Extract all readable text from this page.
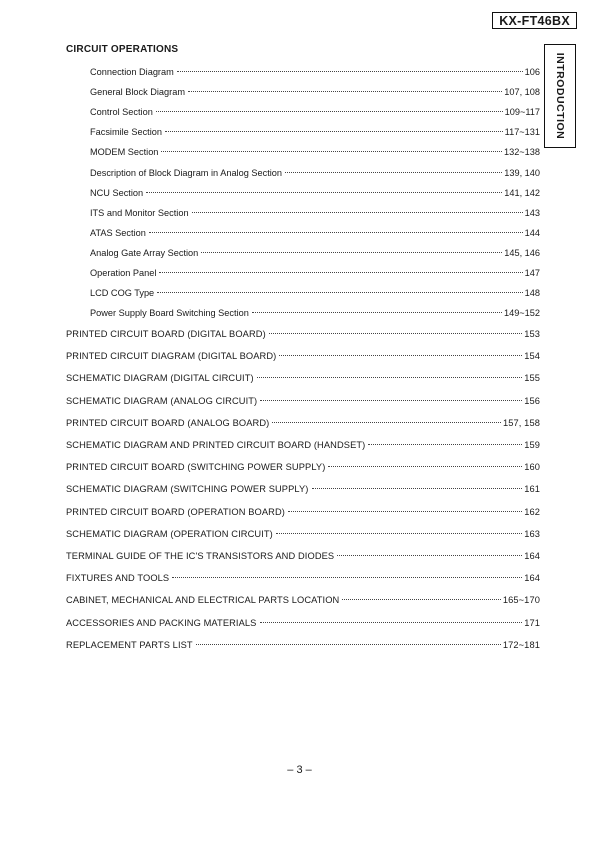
KX-FT46BX
INTRODUCTION
CIRCUIT OPERATIONS
Connection Diagram	106
General Block Diagram	107, 108
Control Section	109~117
Facsimile Section	117~131
MODEM Section	132~138
Description of Block Diagram in Analog Section	139, 140
NCU Section	141, 142
ITS and Monitor Section	143
ATAS Section	144
Analog Gate Array Section	145, 146
Operation Panel	147
LCD COG Type	148
Power Supply Board Switching Section	149~152
PRINTED CIRCUIT BOARD (DIGITAL BOARD)	153
PRINTED CIRCUIT DIAGRAM (DIGITAL BOARD)	154
SCHEMATIC DIAGRAM (DIGITAL CIRCUIT)	155
SCHEMATIC DIAGRAM (ANALOG CIRCUIT)	156
PRINTED CIRCUIT BOARD (ANALOG BOARD)	157, 158
SCHEMATIC DIAGRAM AND PRINTED CIRCUIT BOARD (HANDSET)	159
PRINTED CIRCUIT BOARD (SWITCHING POWER SUPPLY)	160
SCHEMATIC DIAGRAM (SWITCHING POWER SUPPLY)	161
PRINTED CIRCUIT BOARD (OPERATION BOARD)	162
SCHEMATIC DIAGRAM (OPERATION CIRCUIT)	163
TERMINAL GUIDE OF THE IC'S TRANSISTORS AND DIODES	164
FIXTURES AND TOOLS	164
CABINET, MECHANICAL AND ELECTRICAL PARTS LOCATION	165~170
ACCESSORIES AND PACKING MATERIALS	171
REPLACEMENT PARTS LIST	172~181
– 3 –
